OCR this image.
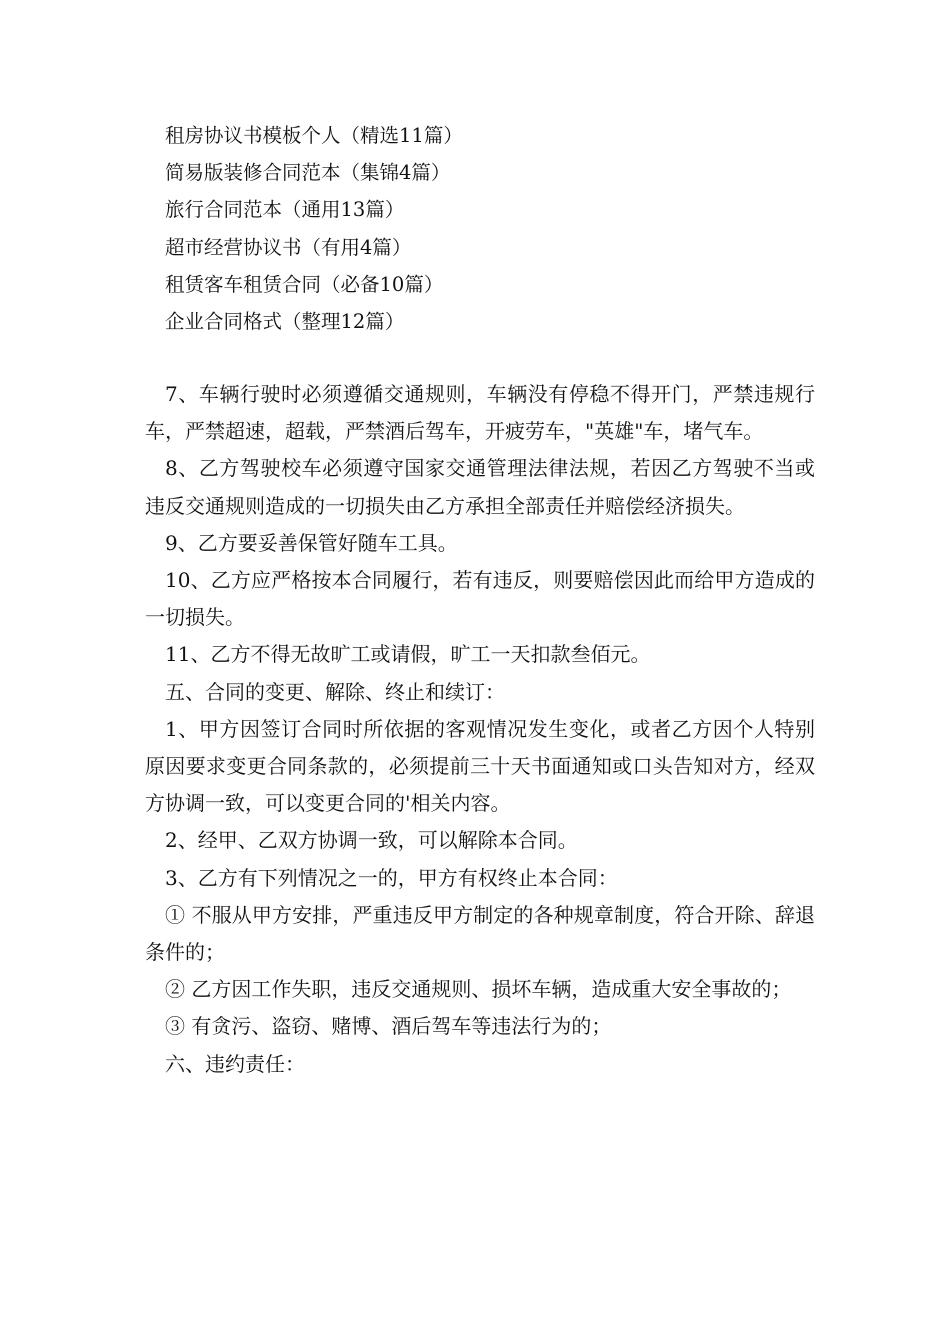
租房协议书模板个人（精选11篇）
简易版装修合同范本（集锦4篇）
旅行合同范本（通用13篇）
超市经营协议书（有用4篇）
租赁客车租赁合同（必备10篇）
企业合同格式（整理12篇）

7、车辆行驶时必须遵循交通规则，车辆没有停稳不得开门，严禁违规行车，严禁超速，超载，严禁酒后驾车，开疲劳车，"英雄"车，堵气车。

8、乙方驾驶校车必须遵守国家交通管理法律法规，若因乙方驾驶不当或违反交通规则造成的一切损失由乙方承担全部责任并赔偿经济损失。

9、乙方要妥善保管好随车工具。

10、乙方应严格按本合同履行，若有违反，则要赔偿因此而给甲方造成的一切损失。

11、乙方不得无故旷工或请假，旷工一天扣款叁佰元。

五、合同的变更、解除、终止和续订：

1、甲方因签订合同时所依据的客观情况发生变化，或者乙方因个人特别原因要求变更合同条款的，必须提前三十天书面通知或口头告知对方，经双方协调一致，可以变更合同的'相关内容。

2、经甲、乙双方协调一致，可以解除本合同。

3、乙方有下列情况之一的，甲方有权终止本合同：

① 不服从甲方安排，严重违反甲方制定的各种规章制度，符合开除、辞退条件的；

② 乙方因工作失职，违反交通规则、损坏车辆，造成重大安全事故的；

③ 有贪污、盗窃、赌博、酒后驾车等违法行为的；

六、违约责任：
